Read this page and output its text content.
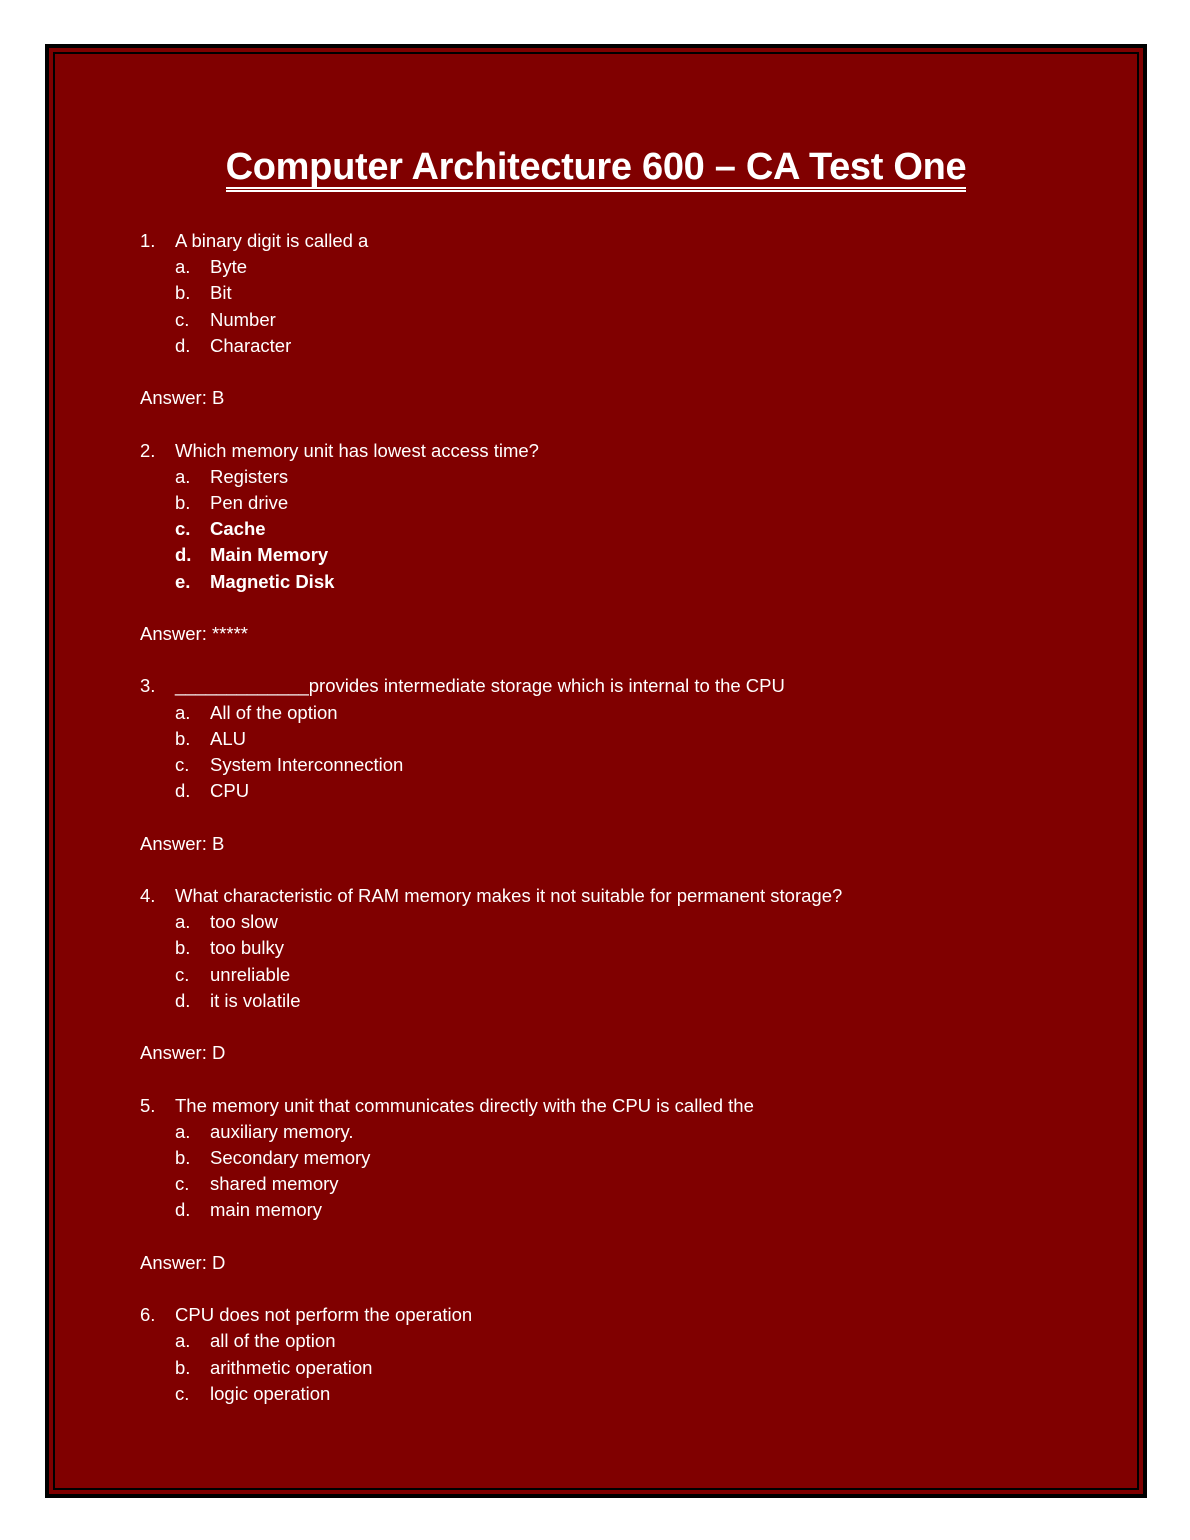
Computer Architecture 600 – CA Test One
1.	A binary digit is called a
a.	Byte
b.	Bit
c.	Number
d.	Character
Answer: B
2.	Which memory unit has lowest access time?
a.	Registers
b.	Pen drive
c.	Cache
d.	Main Memory
e.	Magnetic Disk
Answer: *****
3.	_____________provides intermediate storage which is internal to the CPU
a.	All of the option
b.	ALU
c.	System Interconnection
d.	CPU
Answer: B
4.	What characteristic of RAM memory makes it not suitable for permanent storage?
a.	too slow
b.	too bulky
c.	unreliable
d.	it is volatile
Answer: D
5.	The memory unit that communicates directly with the CPU is called the
a.	auxiliary memory.
b.	Secondary memory
c.	shared memory
d.	main memory
Answer: D
6.	CPU does not perform the operation
a.	all of the option
b.	arithmetic operation
c.	logic operation
